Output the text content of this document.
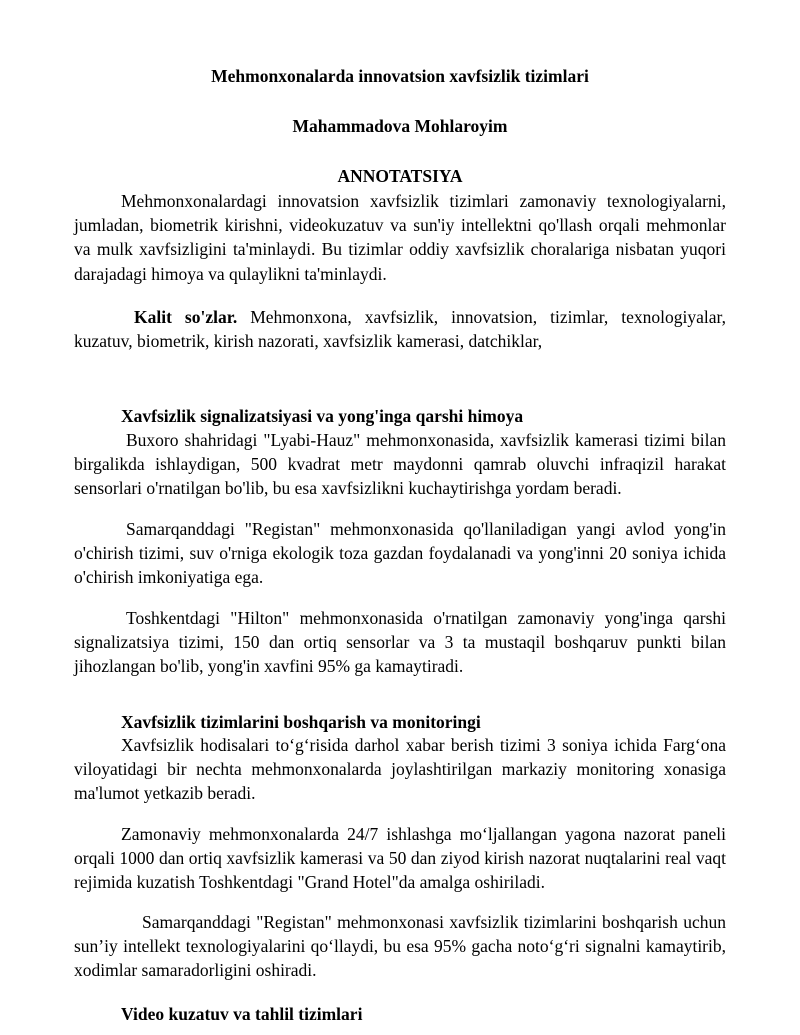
Mehmonxonalarda innovatsion xavfsizlik tizimlari
Mahammadova Mohlaroyim
ANNOTATSIYA
Mehmonxonalardagi innovatsion xavfsizlik tizimlari zamonaviy texnologiyalarni, jumladan, biometrik kirishni, videokuzatuv va sun'iy intellektni qo'llash orqali mehmonlar va mulk xavfsizligini ta'minlaydi. Bu tizimlar oddiy xavfsizlik choralariga nisbatan yuqori darajadagi himoya va qulaylikni ta'minlaydi.
Kalit so'zlar. Mehmonxona, xavfsizlik, innovatsion, tizimlar, texnologiyalar, kuzatuv, biometrik, kirish nazorati, xavfsizlik kamerasi, datchiklar,
Xavfsizlik signalizatsiyasi va yong'inga qarshi himoya
Buxoro shahridagi "Lyabi-Hauz" mehmonxonasida, xavfsizlik kamerasi tizimi bilan birgalikda ishlaydigan, 500 kvadrat metr maydonni qamrab oluvchi infraqizil harakat sensorlari o'rnatilgan bo'lib, bu esa xavfsizlikni kuchaytirishga yordam beradi.
Samarqanddagi "Registan" mehmonxonasida qo'llaniladigan yangi avlod yong'in o'chirish tizimi, suv o'rniga ekologik toza gazdan foydalanadi va yong'inni 20 soniya ichida o'chirish imkoniyatiga ega.
Toshkentdagi "Hilton" mehmonxonasida o'rnatilgan zamonaviy yong'inga qarshi signalizatsiya tizimi, 150 dan ortiq sensorlar va 3 ta mustaqil boshqaruv punkti bilan jihozlangan bo'lib, yong'in xavfini 95% ga kamaytiradi.
Xavfsizlik tizimlarini boshqarish va monitoringi
Xavfsizlik hodisalari to‘g‘risida darhol xabar berish tizimi 3 soniya ichida Farg‘ona viloyatidagi bir nechta mehmonxonalarda joylashtirilgan markaziy monitoring xonasiga ma'lumot yetkazib beradi.
Zamonaviy mehmonxonalarda 24/7 ishlashga mo‘ljallangan yagona nazorat paneli orqali 1000 dan ortiq xavfsizlik kamerasi va 50 dan ziyod kirish nazorat nuqtalarini real vaqt rejimida kuzatish Toshkentdagi "Grand Hotel"da amalga oshiriladi.
Samarqanddagi "Registan" mehmonxonasi xavfsizlik tizimlarini boshqarish uchun sun’iy intellekt texnologiyalarini qo‘llaydi, bu esa 95% gacha noto‘g‘ri signalni kamaytirib, xodimlar samaradorligini oshiradi.
Video kuzatuv va tahlil tizimlari
